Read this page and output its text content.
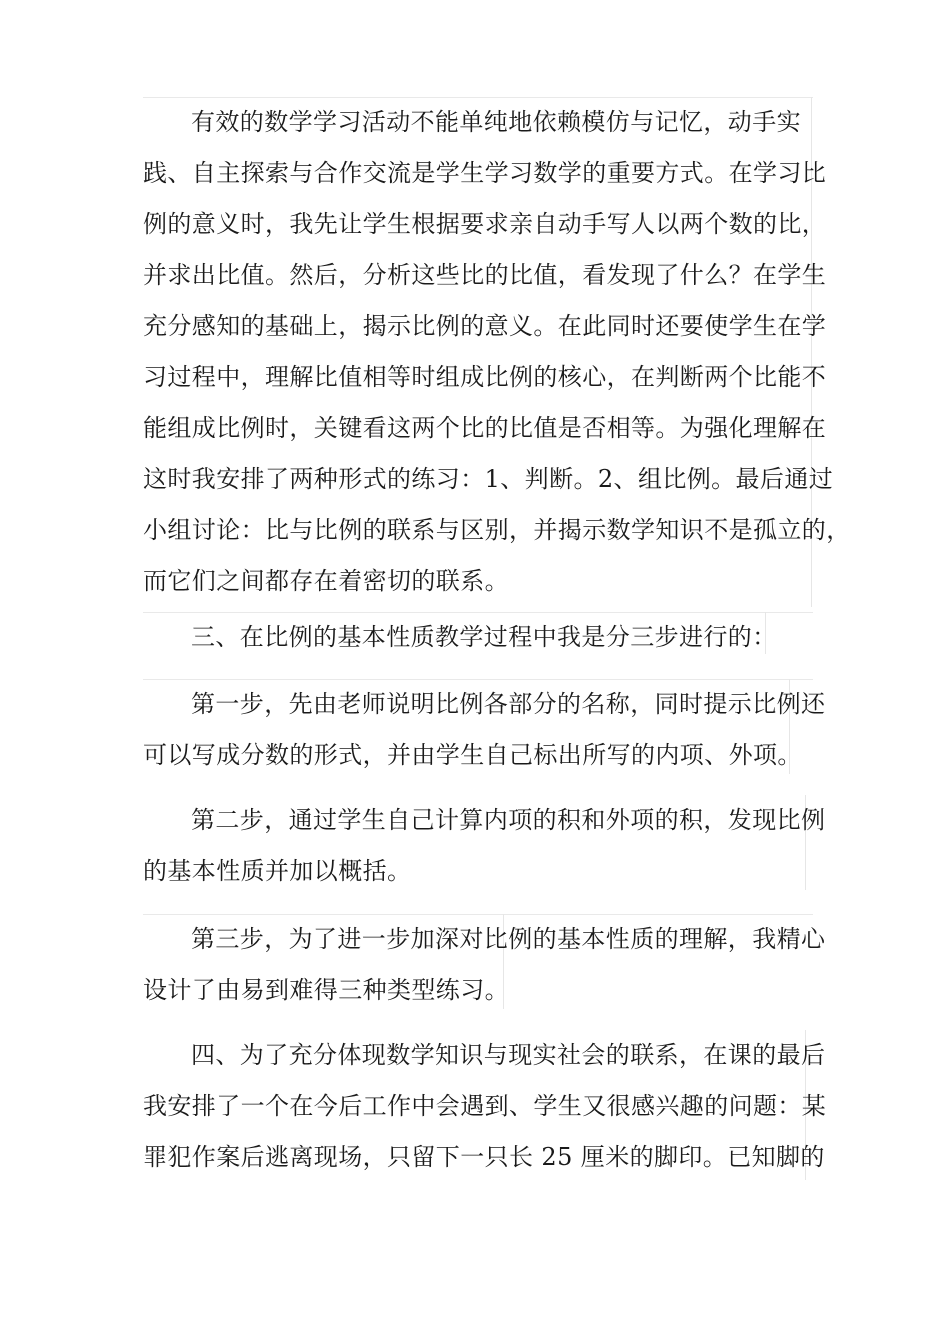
有效的数学学习活动不能单纯地依赖模仿与记忆，动手实
践、自主探索与合作交流是学生学习数学的重要方式。在学习比
例的意义时，我先让学生根据要求亲自动手写人以两个数的比，
并求出比值。然后，分析这些比的比值，看发现了什么？在学生
充分感知的基础上，揭示比例的意义。在此同时还要使学生在学
习过程中，理解比值相等时组成比例的核心，在判断两个比能不
能组成比例时，关键看这两个比的比值是否相等。为强化理解在
这时我安排了两种形式的练习：1、判断。2、组比例。最后通过
小组讨论：比与比例的联系与区别，并揭示数学知识不是孤立的，
而它们之间都存在着密切的联系。
三、在比例的基本性质教学过程中我是分三步进行的：
第一步，先由老师说明比例各部分的名称，同时提示比例还
可以写成分数的形式，并由学生自己标出所写的内项、外项。
第二步，通过学生自己计算内项的积和外项的积，发现比例
的基本性质并加以概括。
第三步，为了进一步加深对比例的基本性质的理解，我精心
设计了由易到难得三种类型练习。
四、为了充分体现数学知识与现实社会的联系，在课的最后
我安排了一个在今后工作中会遇到、学生又很感兴趣的问题：某
罪犯作案后逃离现场，只留下一只长 25 厘米的脚印。已知脚的
